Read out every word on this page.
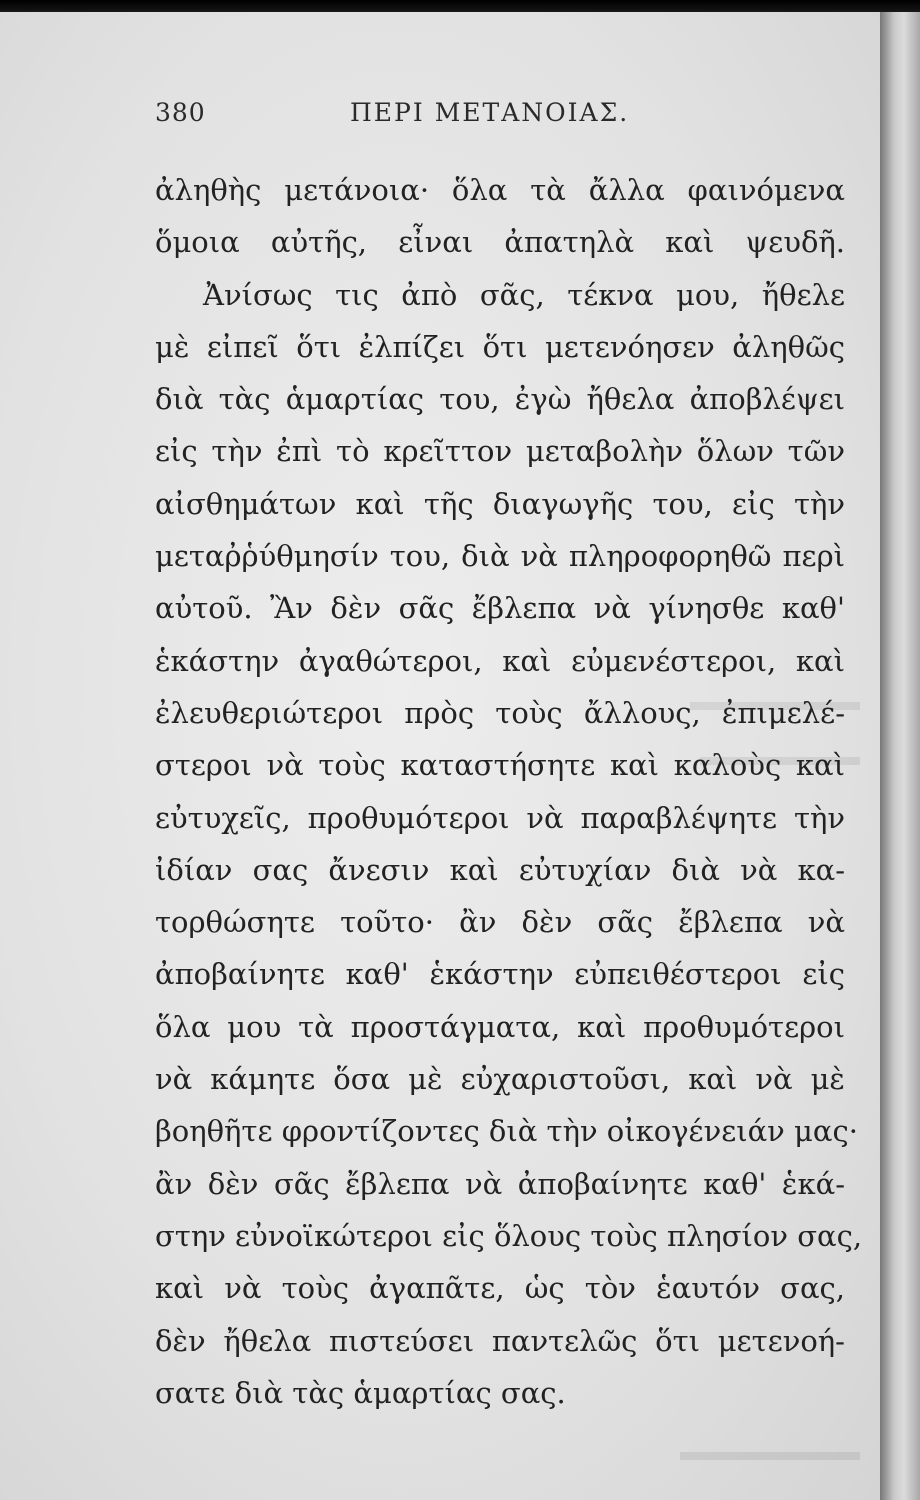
380	ΠΕΡΙ ΜΕΤΑΝΟΙΑΣ.
ἀληθὴς μετάνοια· ὅλα τὰ ἄλλα φαινόμενα
ὅμοια αὐτῆς, εἶναι ἀπατηλὰ καὶ ψευδῆ.
Ἀνίσως τις ἀπὸ σᾶς, τέκνα μου, ἤθελε
μὲ εἰπεῖ ὅτι ἐλπίζει ὅτι μετενόησεν ἀληθῶς
διὰ τὰς ἁμαρτίας του, ἐγὼ ἤθελα ἀποβλέψει
εἰς τὴν ἐπὶ τὸ κρεῖττον μεταβολὴν ὅλων τῶν
αἰσθημάτων καὶ τῆς διαγωγῆς του, εἰς τὴν
μεταῤῥύθμησίν του, διὰ νὰ πληροφορηθῶ περὶ
αὐτοῦ. Ἂν δὲν σᾶς ἔβλεπα νὰ γίνησθε καθ'
ἑκάστην ἀγαθώτεροι, καὶ εὐμενέστεροι, καὶ
ἐλευθεριώτεροι πρὸς τοὺς ἄλλους, ἐπιμελέ-
στεροι νὰ τοὺς καταστήσητε καὶ καλοὺς καὶ
εὐτυχεῖς, προθυμότεροι νὰ παραβλέψητε τὴν
ἰδίαν σας ἄνεσιν καὶ εὐτυχίαν διὰ νὰ κα-
τορθώσητε τοῦτο· ἂν δὲν σᾶς ἔβλεπα νὰ
ἀποβαίνητε καθ' ἑκάστην εὐπειθέστεροι εἰς
ὅλα μου τὰ προστάγματα, καὶ προθυμότεροι
νὰ κάμητε ὅσα μὲ εὐχαριστοῦσι, καὶ νὰ μὲ
βοηθῆτε φροντίζοντες διὰ τὴν οἰκογένειάν μας·
ἂν δὲν σᾶς ἔβλεπα νὰ ἀποβαίνητε καθ' ἑκά-
στην εὐνοϊκώτεροι εἰς ὅλους τοὺς πλησίον σας,
καὶ νὰ τοὺς ἀγαπᾶτε, ὡς τὸν ἑαυτόν σας,
δὲν ἤθελα πιστεύσει παντελῶς ὅτι μετενοή-
σατε διὰ τὰς ἁμαρτίας σας.
